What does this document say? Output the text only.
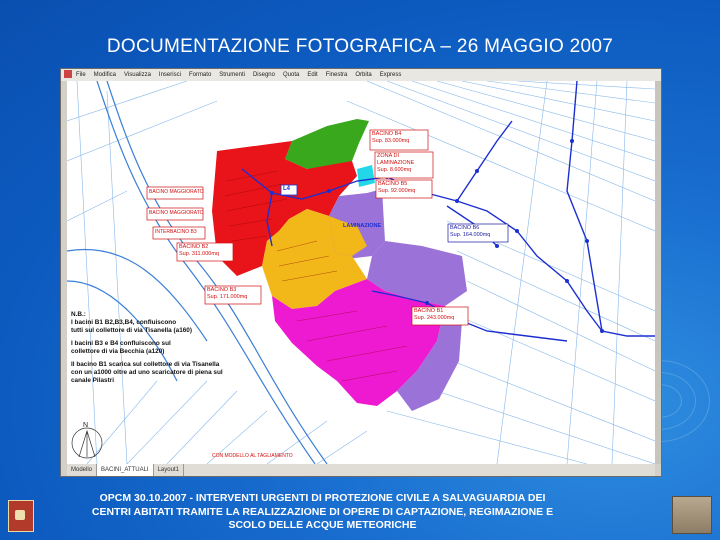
DOCUMENTAZIONE FOTOGRAFICA – 26 MAGGIO 2007
File Modifica Visualizza Inserisci Formato Strumenti Disegno Quota Edit Finestra Orbita Express
BACINO B4
Sup. 83.000mq
ZONA DI
LAMINAZIONE
Sup. 8.600mq
BACINO B5
Sup. 92.000mq
BACINO B6
Sup. 164.000mq
BACINO B1
Sup. 243.000mq
BACINO B2
Sup. 311.000mq
BACINO B3
Sup. 171.000mq
BACINO MAGGIORATO
BACINO MAGGIORATO
INTERBACINO B3
L4
LAMINAZIONE
N.B.:
I bacini B1 B2,B3,B4, confluiscono
tutti sul collettore di via Tisanella (a160)
I bacini B3 e B4 confluiscono sul
collettore di via Becchia (a120)
Il bacino B1 scarica sul collettore di via Tisanella
con un a1000 oltre ad uno scaricatore di piena sul
canale Pilastri
N
CON MODELLO AL TAGLIAMENTO
Modello BACINI_ATTUALI Layout1
OPCM 30.10.2007 - INTERVENTI URGENTI DI PROTEZIONE CIVILE A SALVAGUARDIA DEI
CENTRI ABITATI TRAMITE LA REALIZZAZIONE DI OPERE DI CAPTAZIONE, REGIMAZIONE E
SCOLO DELLE ACQUE METEORICHE
